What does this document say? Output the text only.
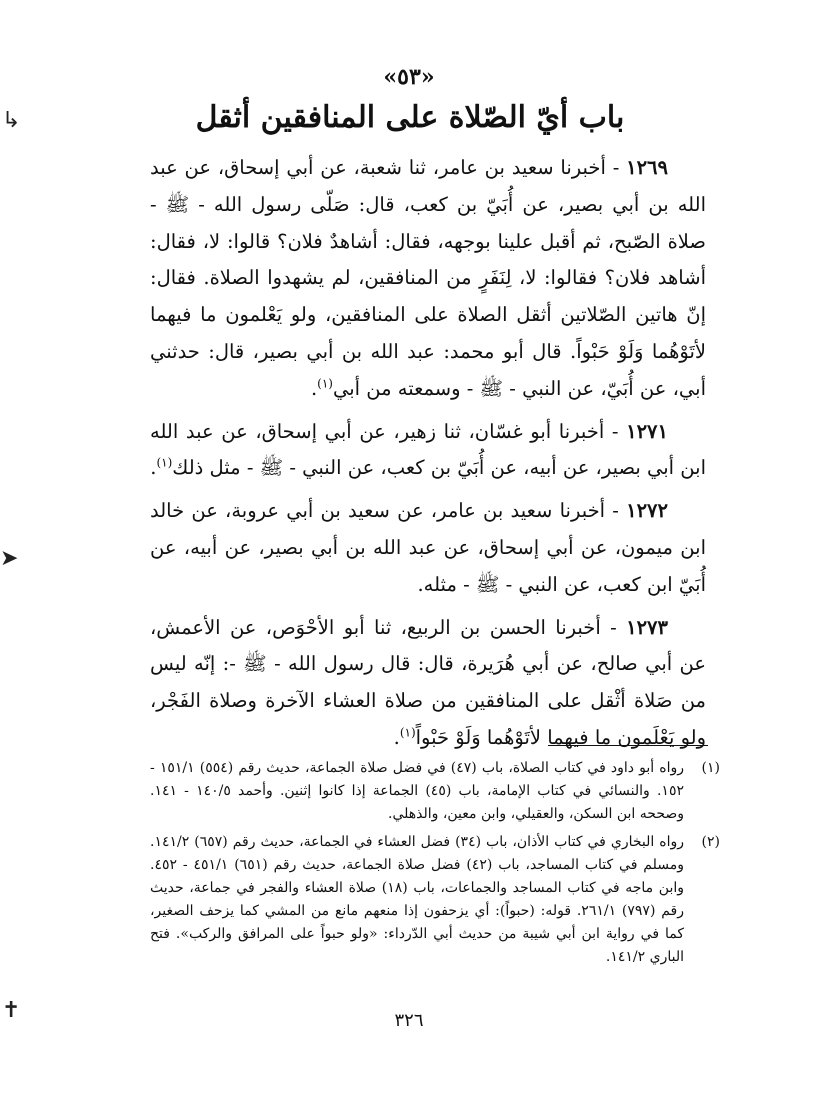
↳
➤
✝
«٥٣»
باب أيّ الصّلاة على المنافقين أثقل

١٢٦٩ - أخبرنا سعيد بن عامر، ثنا شعبة، عن أبي إسحاق، عن عبد الله بن أبي بصير، عن أُبَيّ بن كعب، قال: صَلّى رسول الله - ﷺ - صلاة الصّبح، ثم أقبل علينا بوجهه، فقال: أشاهدٌ فلان؟ قالوا: لا، فقال: أشاهد فلان؟ فقالوا: لا، لِنَفَرٍ من المنافقين، لم يشهدوا الصلاة. فقال: إنّ هاتين الصّلاتين أثقل الصلاة على المنافقين، ولو يَعْلمون ما فيهما لأتَوْهُما وَلَوْ حَبْواً. قال أبو محمد: عبد الله بن أبي بصير، قال: حدثني أبي، عن أُبَيّ، عن النبي - ﷺ - وسمعته من أبي$^{(١)}$.

١٢٧١ - أخبرنا أبو غسّان، ثنا زهير، عن أبي إسحاق، عن عبد الله ابن أبي بصير، عن أبيه، عن أُبَيّ بن كعب، عن النبي - ﷺ - مثل ذلك$^{(١)}$.

١٢٧٢ - أخبرنا سعيد بن عامر، عن سعيد بن أبي عروبة، عن خالد ابن ميمون، عن أبي إسحاق، عن عبد الله بن أبي بصير، عن أبيه، عن أُبَيّ ابن كعب، عن النبي - ﷺ - مثله.

١٢٧٣ - أخبرنا الحسن بن الربيع، ثنا أبو الأحْوَص، عن الأعمش، عن أبي صالح، عن أبي هُرَيرة، قال: قال رسول الله - ﷺ -: إنّه ليس من صَلاة أثْقل على المنافقين من صلاة العشاء الآخرة وصلاة الفَجْر، ولو يَعْلَمون ما فيهما لأتَوْهُما وَلَوْ حَبْواً$^{(١)}$.

(١)
رواه أبو داود في كتاب الصلاة، باب (٤٧) في فضل صلاة الجماعة، حديث رقم (٥٥٤) ١٥١/١ - ١٥٢. والنسائي في كتاب الإمامة، باب (٤٥) الجماعة إذا كانوا إثنين. وأحمد ١٤٠/٥ - ١٤١. وصححه ابن السكن، والعقيلي، وابن معين، والذهلي.
(٢)
رواه البخاري في كتاب الأذان، باب (٣٤) فضل العشاء في الجماعة، حديث رقم (٦٥٧) ١٤١/٢. ومسلم في كتاب المساجد، باب (٤٢) فضل صلاة الجماعة، حديث رقم (٦٥١) ٤٥١/١ - ٤٥٢. وابن ماجه في كتاب المساجد والجماعات، باب (١٨) صلاة العشاء والفجر في جماعة، حديث رقم (٧٩٧) ٢٦١/١. قوله: (حبواً): أي يزحفون إذا منعهم مانع من المشي كما يزحف الصغير، كما في رواية ابن أبي شيبة من حديث أبي الدّرداء: «ولو حبواً على المرافق والركب». فتح الباري ١٤١/٢.
٣٢٦
